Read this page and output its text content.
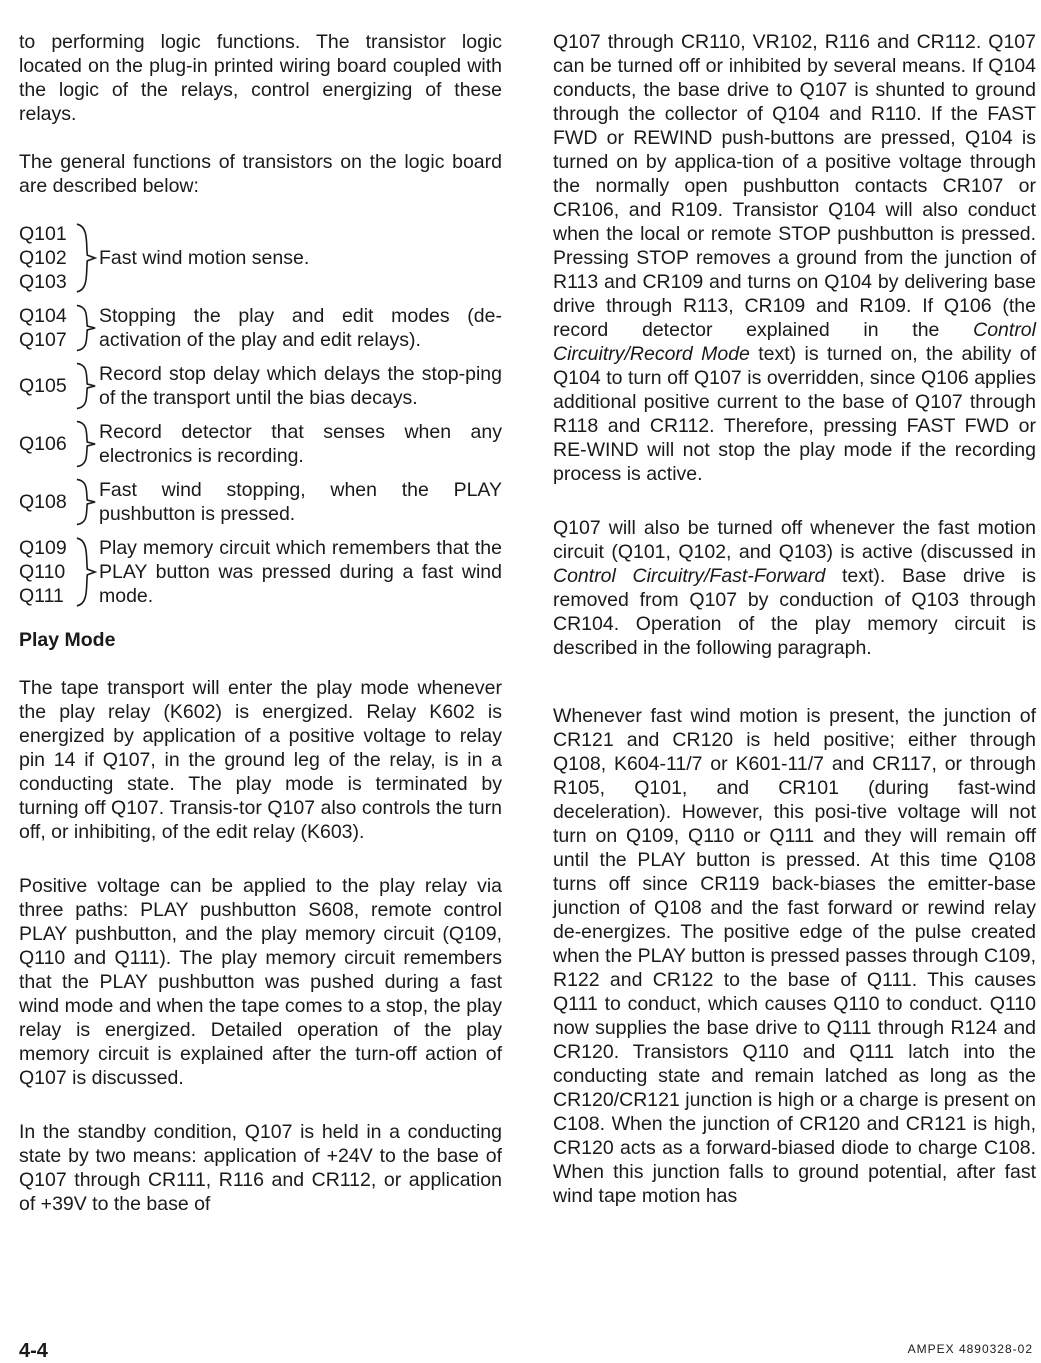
to performing logic functions. The transistor logic located on the plug-in printed wiring board coupled with the logic of the relays, control energizing of these relays.

The general functions of transistors on the logic board are described below:

Q101
Q102
Q103
Fast wind motion sense.
Q104
Q107
Stopping the play and edit modes (de-activation of the play and edit relays).
Q105
Record stop delay which delays the stop-ping of the transport until the bias decays.
Q106
Record detector that senses when any electronics is recording.
Q108
Fast wind stopping, when the PLAY pushbutton is pressed.
Q109
Q110
Q111
Play memory circuit which remembers that the PLAY button was pressed during a fast wind mode.

Play Mode

The tape transport will enter the play mode whenever the play relay (K602) is energized. Relay K602 is energized by application of a positive voltage to relay pin 14 if Q107, in the ground leg of the relay, is in a conducting state. The play mode is terminated by turning off Q107. Transis-tor Q107 also controls the turn off, or inhibiting, of the edit relay (K603).

Positive voltage can be applied to the play relay via three paths: PLAY pushbutton S608, remote control PLAY pushbutton, and the play memory circuit (Q109, Q110 and Q111). The play memory circuit remembers that the PLAY pushbutton was pushed during a fast wind mode and when the tape comes to a stop, the play relay is energized. Detailed operation of the play memory circuit is explained after the turn-off action of Q107 is discussed.

In the standby condition, Q107 is held in a conducting state by two means: application of +24V to the base of Q107 through CR111, R116 and CR112, or application of +39V to the base of

Q107 through CR110, VR102, R116 and CR112. Q107 can be turned off or inhibited by several means. If Q104 conducts, the base drive to Q107 is shunted to ground through the collector of Q104 and R110. If the FAST FWD or REWIND push-buttons are pressed, Q104 is turned on by applica-tion of a positive voltage through the normally open pushbutton contacts CR107 or CR106, and R109. Transistor Q104 will also conduct when the local or remote STOP pushbutton is pressed. Pressing STOP removes a ground from the junction of R113 and CR109 and turns on Q104 by delivering base drive through R113, CR109 and R109. If Q106 (the record detector explained in the Control Circuitry/Record Mode text) is turned on, the ability of Q104 to turn off Q107 is overridden, since Q106 applies additional positive current to the base of Q107 through R118 and CR112. Therefore, pressing FAST FWD or RE-WIND will not stop the play mode if the recording process is active.

Q107 will also be turned off whenever the fast motion circuit (Q101, Q102, and Q103) is active (discussed in Control Circuitry/Fast-Forward text). Base drive is removed from Q107 by conduction of Q103 through CR104. Operation of the play memory circuit is described in the following paragraph.

Whenever fast wind motion is present, the junction of CR121 and CR120 is held positive; either through Q108, K604-11/7 or K601-11/7 and CR117, or through R105, Q101, and CR101 (during fast-wind deceleration). However, this posi-tive voltage will not turn on Q109, Q110 or Q111 and they will remain off until the PLAY button is pressed. At this time Q108 turns off since CR119 back-biases the emitter-base junction of Q108 and the fast forward or rewind relay de-energizes. The positive edge of the pulse created when the PLAY button is pressed passes through C109, R122 and CR122 to the base of Q111. This causes Q111 to conduct, which causes Q110 to conduct. Q110 now supplies the base drive to Q111 through R124 and CR120. Transistors Q110 and Q111 latch into the conducting state and remain latched as long as the CR120/CR121 junction is high or a charge is present on C108. When the junction of CR120 and CR121 is high, CR120 acts as a forward-biased diode to charge C108. When this junction falls to ground potential, after fast wind tape motion has

4-4	AMPEX 4890328-02
